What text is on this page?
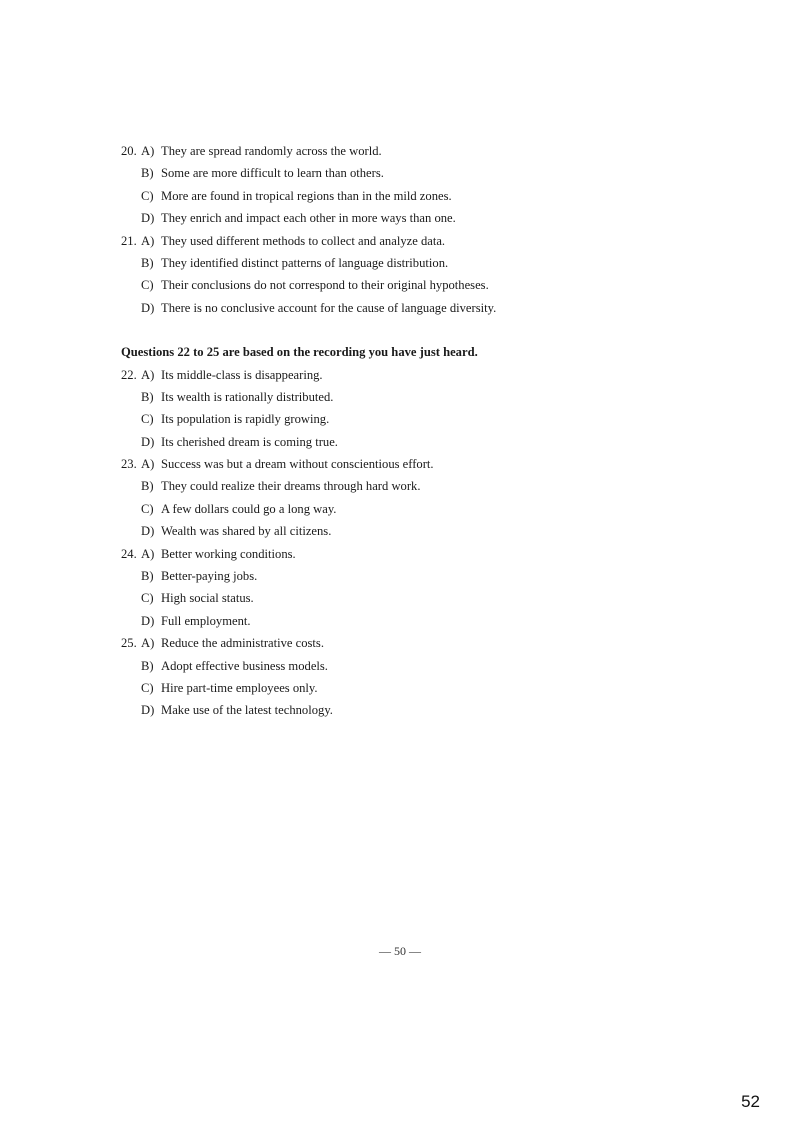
20. A) They are spread randomly across the world.
B) Some are more difficult to learn than others.
C) More are found in tropical regions than in the mild zones.
D) They enrich and impact each other in more ways than one.
21. A) They used different methods to collect and analyze data.
B) They identified distinct patterns of language distribution.
C) Their conclusions do not correspond to their original hypotheses.
D) There is no conclusive account for the cause of language diversity.
Questions 22 to 25 are based on the recording you have just heard.
22. A) Its middle-class is disappearing.
B) Its wealth is rationally distributed.
C) Its population is rapidly growing.
D) Its cherished dream is coming true.
23. A) Success was but a dream without conscientious effort.
B) They could realize their dreams through hard work.
C) A few dollars could go a long way.
D) Wealth was shared by all citizens.
24. A) Better working conditions.
B) Better-paying jobs.
C) High social status.
D) Full employment.
25. A) Reduce the administrative costs.
B) Adopt effective business models.
C) Hire part-time employees only.
D) Make use of the latest technology.
— 50 —
52
